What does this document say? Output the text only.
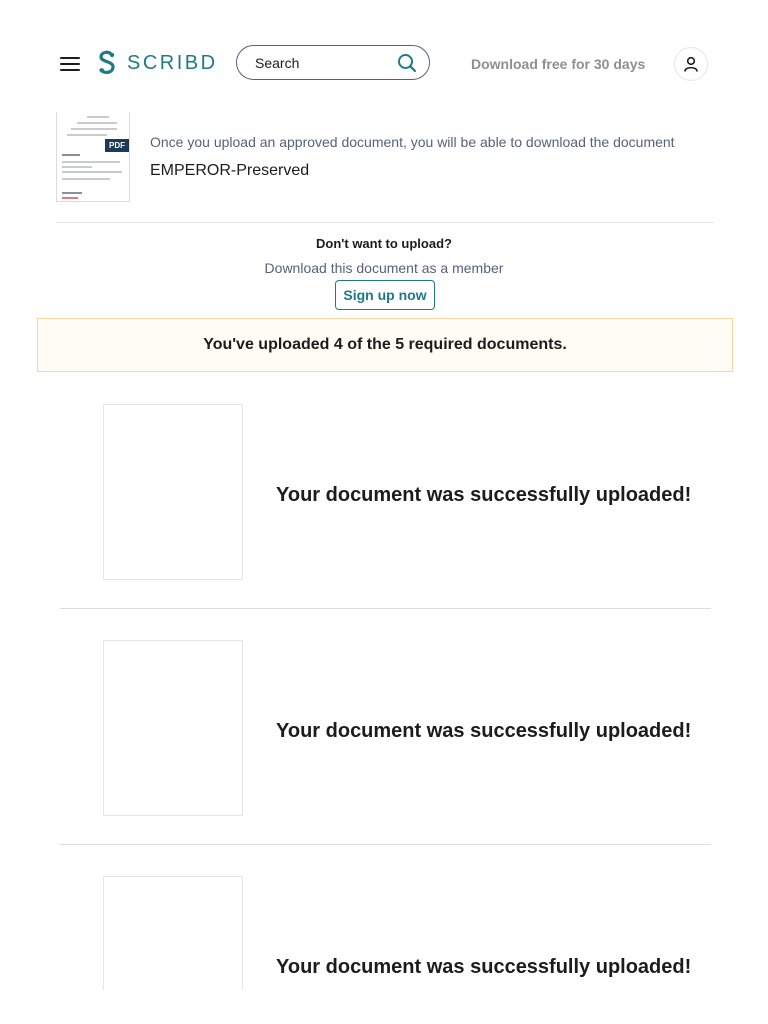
SCRIBD
Search	Download free for 30 days
PDF Once you upload an approved document, you will be able to download the document
EMPEROR-Preserved
Don't want to upload?
Download this document as a member
Sign up now
You've uploaded 4 of the 5 required documents.
Your document was successfully uploaded!
Your document was successfully uploaded!
Your document was successfully uploaded!
